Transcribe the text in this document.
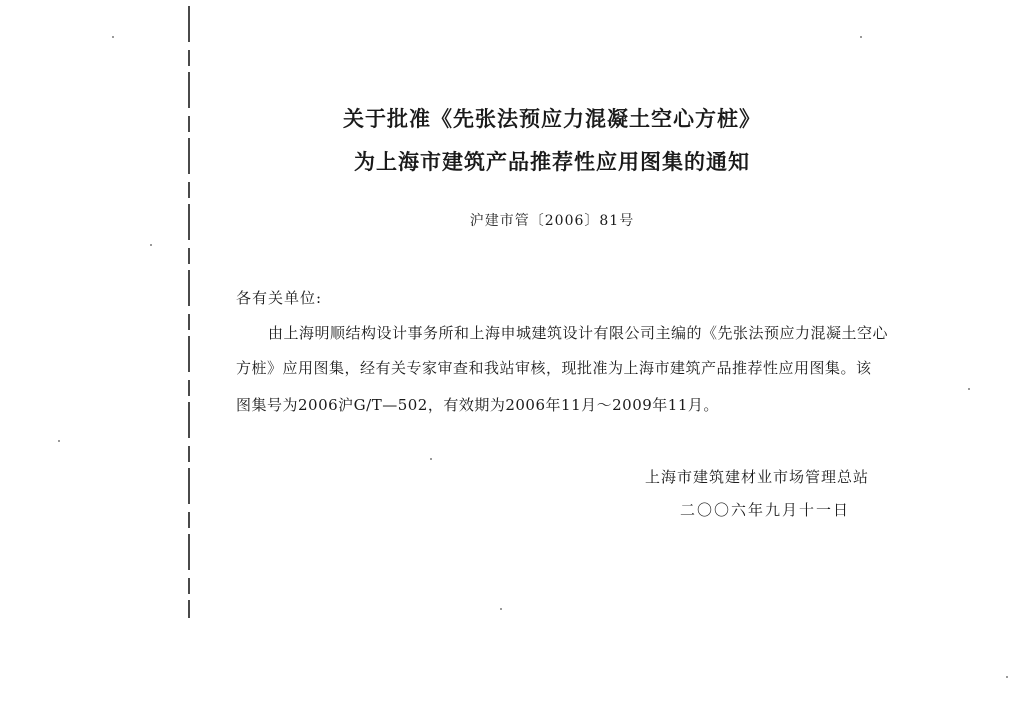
关于批准《先张法预应力混凝土空心方桩》
为上海市建筑产品推荐性应用图集的通知
沪建市管〔2006〕81号
各有关单位:
由上海明顺结构设计事务所和上海申城建筑设计有限公司主编的《先张法预应力混凝土空心
方桩》应用图集，经有关专家审查和我站审核，现批准为上海市建筑产品推荐性应用图集。该
图集号为2006沪G/T—502，有效期为2006年11月～2009年11月。
上海市建筑建材业市场管理总站
二〇〇六年九月十一日
